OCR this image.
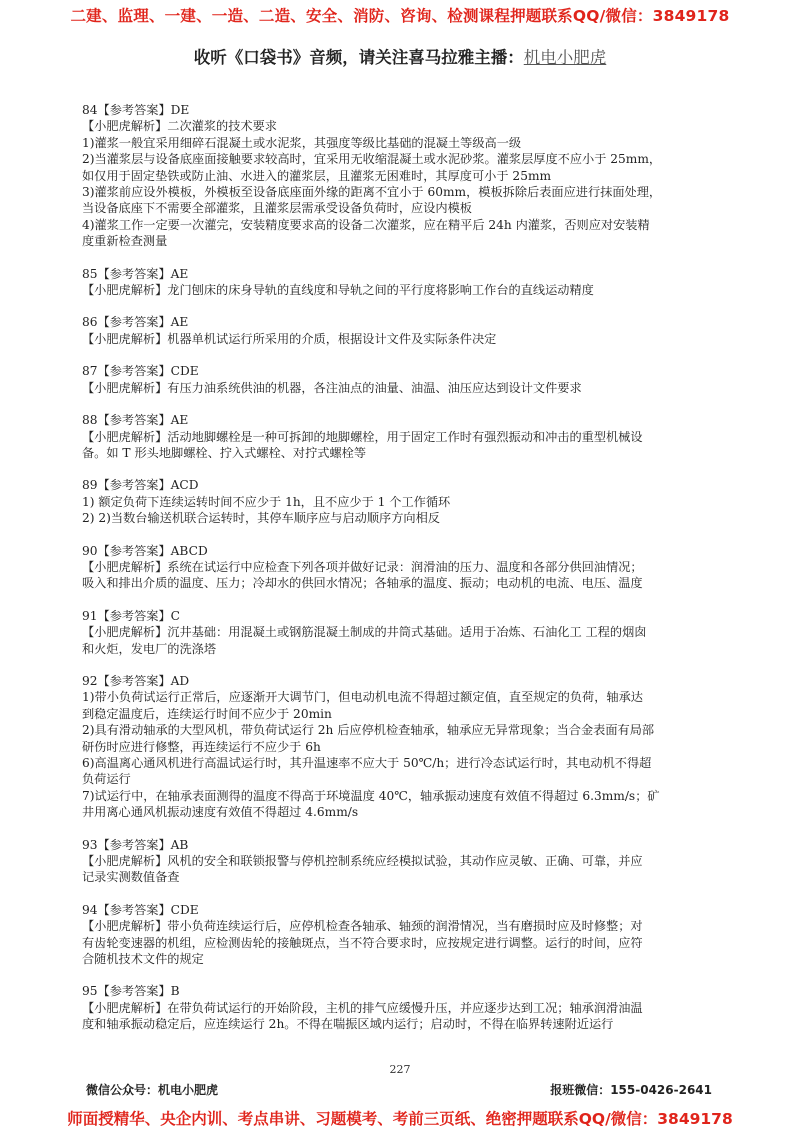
二建、监理、一建、一造、二造、安全、消防、咨询、检测课程押题联系QQ/微信：3849178
收听《口袋书》音频，请关注喜马拉雅主播：机电小肥虎
84【参考答案】DE
【小肥虎解析】二次灌浆的技术要求
1)灌浆一般宜采用细碎石混凝土或水泥浆，其强度等级比基础的混凝土等级高一级
2)当灌浆层与设备底座面接触要求较高时，宜采用无收缩混凝土或水泥砂浆。灌浆层厚度不应小于 25mm，
如仅用于固定垫铁或防止油、水进入的灌浆层，且灌浆无困难时，其厚度可小于 25mm
3)灌浆前应设外模板，外模板至设备底座面外缘的距离不宜小于 60mm，模板拆除后表面应进行抹面处理，
当设备底座下不需要全部灌浆，且灌浆层需承受设备负荷时，应设内模板
4)灌浆工作一定要一次灌完，安装精度要求高的设备二次灌浆，应在精平后 24h 内灌浆，否则应对安装精
度重新检查测量
85【参考答案】AE
【小肥虎解析】龙门刨床的床身导轨的直线度和导轨之间的平行度将影响工作台的直线运动精度
86【参考答案】AE
【小肥虎解析】机器单机试运行所采用的介质，根据设计文件及实际条件决定
87【参考答案】CDE
【小肥虎解析】有压力油系统供油的机器，各注油点的油量、油温、油压应达到设计文件要求
88【参考答案】AE
【小肥虎解析】活动地脚螺栓是一种可拆卸的地脚螺栓，用于固定工作时有强烈振动和冲击的重型机械设
备。如 T 形头地脚螺栓、拧入式螺栓、对拧式螺栓等
89【参考答案】ACD
1) 额定负荷下连续运转时间不应少于 1h，且不应少于 1 个工作循环
2) 2)当数台输送机联合运转时，其停车顺序应与启动顺序方向相反
90【参考答案】ABCD
【小肥虎解析】系统在试运行中应检查下列各项并做好记录：润滑油的压力、温度和各部分供回油情况；
吸入和排出介质的温度、压力；冷却水的供回水情况；各轴承的温度、振动；电动机的电流、电压、温度
91【参考答案】C
【小肥虎解析】沉井基础：用混凝土或钢筋混凝土制成的井筒式基础。适用于冶炼、石油化工 工程的烟囱
和火炬，发电厂的洗涤塔
92【参考答案】AD
1)带小负荷试运行正常后，应逐渐开大调节门，但电动机电流不得超过额定值，直至规定的负荷，轴承达
到稳定温度后，连续运行时间不应少于 20min
2)具有滑动轴承的大型风机，带负荷试运行 2h 后应停机检查轴承，轴承应无异常现象；当合金表面有局部
研伤时应进行修整，再连续运行不应少于 6h
6)高温离心通风机进行高温试运行时，其升温速率不应大于 50℃/h；进行冷态试运行时，其电动机不得超
负荷运行
7)试运行中，在轴承表面测得的温度不得高于环境温度 40℃，轴承振动速度有效值不得超过 6.3mm/s；矿
井用离心通风机振动速度有效值不得超过 4.6mm/s
93【参考答案】AB
【小肥虎解析】风机的安全和联锁报警与停机控制系统应经模拟试验，其动作应灵敏、正确、可靠，并应
记录实测数值备查
94【参考答案】CDE
【小肥虎解析】带小负荷连续运行后，应停机检查各轴承、轴颈的润滑情况，当有磨损时应及时修整；对
有齿轮变速器的机组，应检测齿轮的接触斑点，当不符合要求时，应按规定进行调整。运行的时间，应符
合随机技术文件的规定
95【参考答案】B
【小肥虎解析】在带负荷试运行的开始阶段，主机的排气应缓慢升压，并应逐步达到工况；轴承润滑油温
度和轴承振动稳定后，应连续运行 2h。不得在喘振区域内运行；启动时，不得在临界转速附近运行
227
微信公众号：机电小肥虎	报班微信：155-0426-2641
师面授精华、央企内训、考点串讲、习题模考、考前三页纸、绝密押题联系QQ/微信：3849178
